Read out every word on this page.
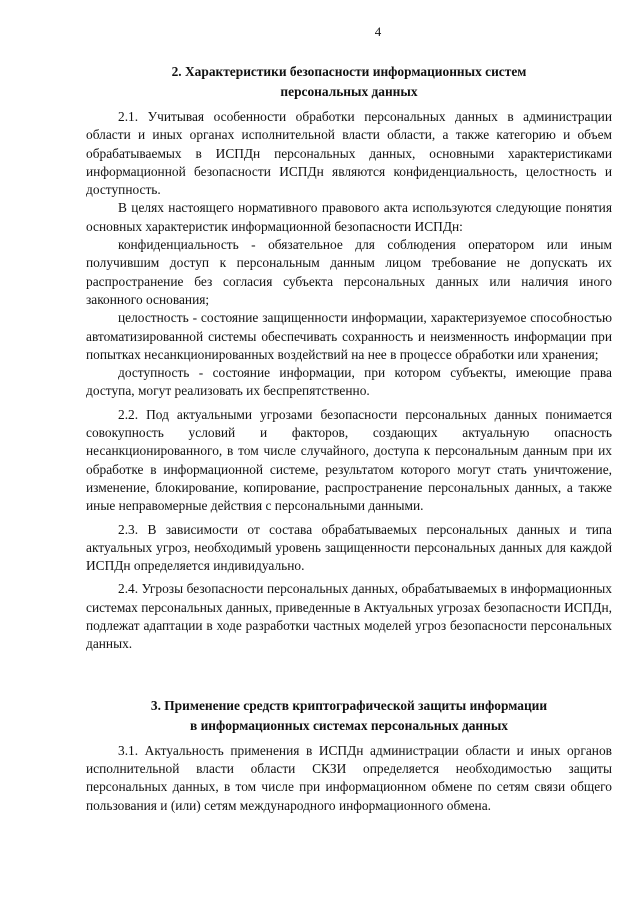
4
2. Характеристики безопасности информационных систем
персональных данных

2.1. Учитывая особенности обработки персональных данных в администрации области и иных органах исполнительной власти области, а также категорию и объем обрабатываемых в ИСПДн персональных данных, основными характеристиками информационной безопасности ИСПДн являются конфиденциальность, целостность и доступность.

В целях настоящего нормативного правового акта используются следующие понятия основных характеристик информационной безопасности ИСПДн:

конфиденциальность - обязательное для соблюдения оператором или иным получившим доступ к персональным данным лицом требование не допускать их распространение без согласия субъекта персональных данных или наличия иного законного основания;

целостность - состояние защищенности информации, характеризуемое способностью автоматизированной системы обеспечивать сохранность и неизменность информации при попытках несанкционированных воздействий на нее в процессе обработки или хранения;

доступность - состояние информации, при котором субъекты, имеющие права доступа, могут реализовать их беспрепятственно.

2.2. Под актуальными угрозами безопасности персональных данных понимается совокупность условий и факторов, создающих актуальную опасность несанкционированного, в том числе случайного, доступа к персональным данным при их обработке в информационной системе, результатом которого могут стать уничтожение, изменение, блокирование, копирование, распространение персональных данных, а также иные неправомерные действия с персональными данными.

2.3. В зависимости от состава обрабатываемых персональных данных и типа актуальных угроз, необходимый уровень защищенности персональных данных для каждой ИСПДн определяется индивидуально.

2.4. Угрозы безопасности персональных данных, обрабатываемых в информационных системах персональных данных, приведенные в Актуальных угрозах безопасности ИСПДн, подлежат адаптации в ходе разработки частных моделей угроз безопасности персональных данных.

3. Применение средств криптографической защиты информации
в информационных системах персональных данных

3.1. Актуальность применения в ИСПДн администрации области и иных органов исполнительной власти области СКЗИ определяется необходимостью защиты персональных данных, в том числе при информационном обмене по сетям связи общего пользования и (или) сетям международного информационного обмена.
